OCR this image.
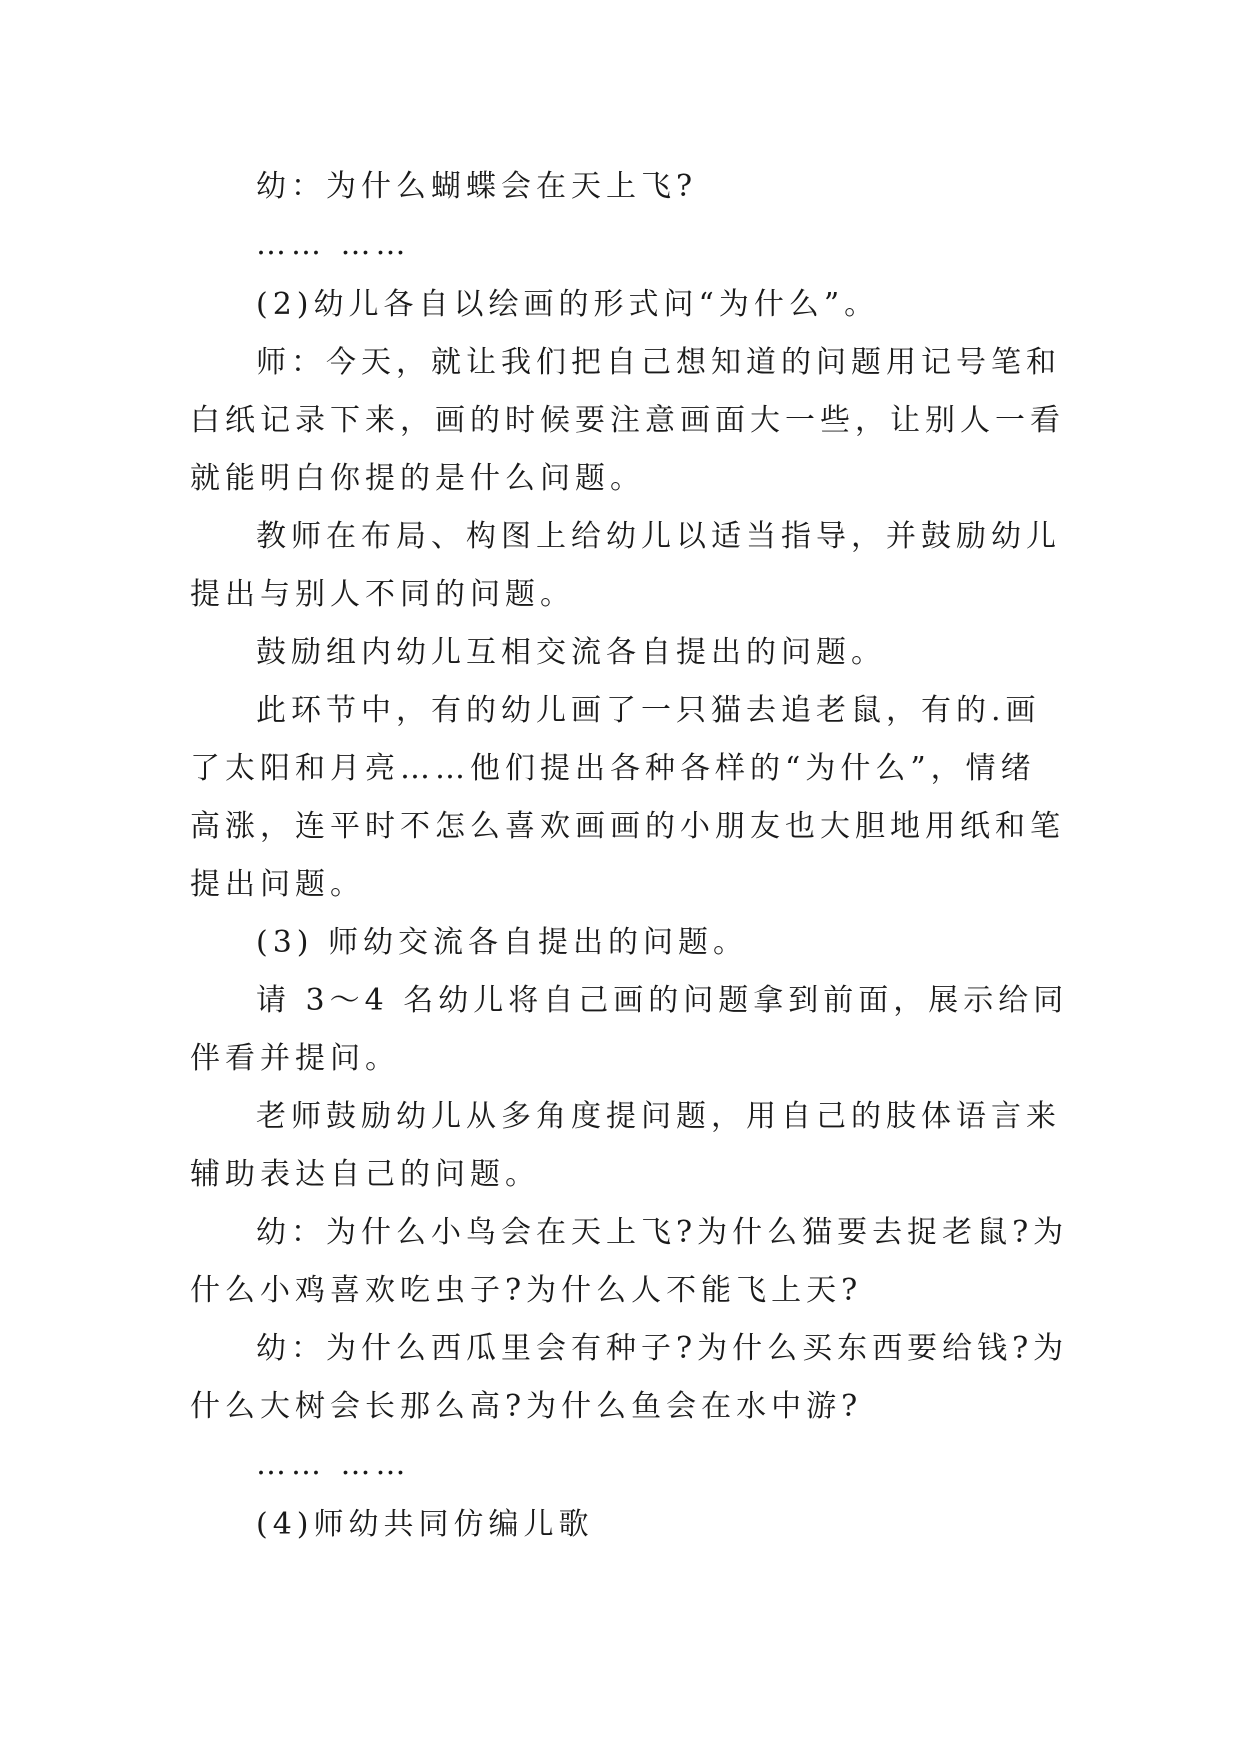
幼：为什么蝴蝶会在天上飞?

…… ……

(2)幼儿各自以绘画的形式问“为什么”。

师：今天，就让我们把自己想知道的问题用记号笔和白纸记录下来，画的时候要注意画面大一些，让别人一看就能明白你提的是什么问题。

教师在布局、构图上给幼儿以适当指导，并鼓励幼儿提出与别人不同的问题。

鼓励组内幼儿互相交流各自提出的问题。

此环节中，有的幼儿画了一只猫去追老鼠，有的.画了太阳和月亮……他们提出各种各样的“为什么”，情绪高涨，连平时不怎么喜欢画画的小朋友也大胆地用纸和笔提出问题。

(3) 师幼交流各自提出的问题。

请 3～4 名幼儿将自己画的问题拿到前面，展示给同伴看并提问。

老师鼓励幼儿从多角度提问题，用自己的肢体语言来辅助表达自己的问题。

幼：为什么小鸟会在天上飞?为什么猫要去捉老鼠?为什么小鸡喜欢吃虫子?为什么人不能飞上天?

幼：为什么西瓜里会有种子?为什么买东西要给钱?为什么大树会长那么高?为什么鱼会在水中游?

…… ……

(4)师幼共同仿编儿歌
